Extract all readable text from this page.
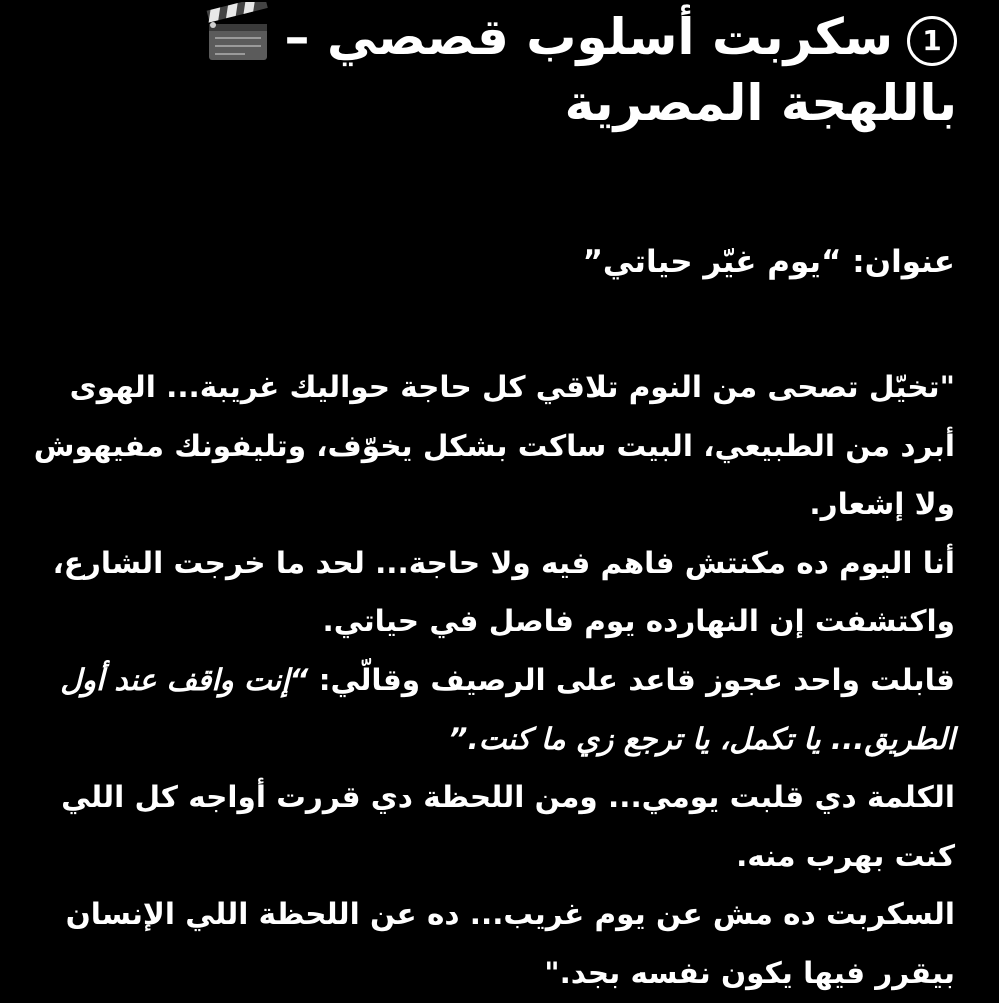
1سكربت أسلوب قصصي –
باللهجة المصرية

عنوان: “يوم غيّر حياتي”

"تخيّل تصحى من النوم تلاقي كل حاجة حواليك غريبة... الهوى
أبرد من الطبيعي، البيت ساكت بشكل يخوّف، وتليفونك مفيهوش
ولا إشعار.
أنا اليوم ده مكنتش فاهم فيه ولا حاجة... لحد ما خرجت الشارع،
واكتشفت إن النهارده يوم فاصل في حياتي.
قابلت واحد عجوز قاعد على الرصيف وقالّي: “إنت واقف عند أول
الطريق... يا تكمل، يا ترجع زي ما كنت.”
الكلمة دي قلبت يومي... ومن اللحظة دي قررت أواجه كل اللي
كنت بهرب منه.
السكربت ده مش عن يوم غريب... ده عن اللحظة اللي الإنسان
بيقرر فيها يكون نفسه بجد."
